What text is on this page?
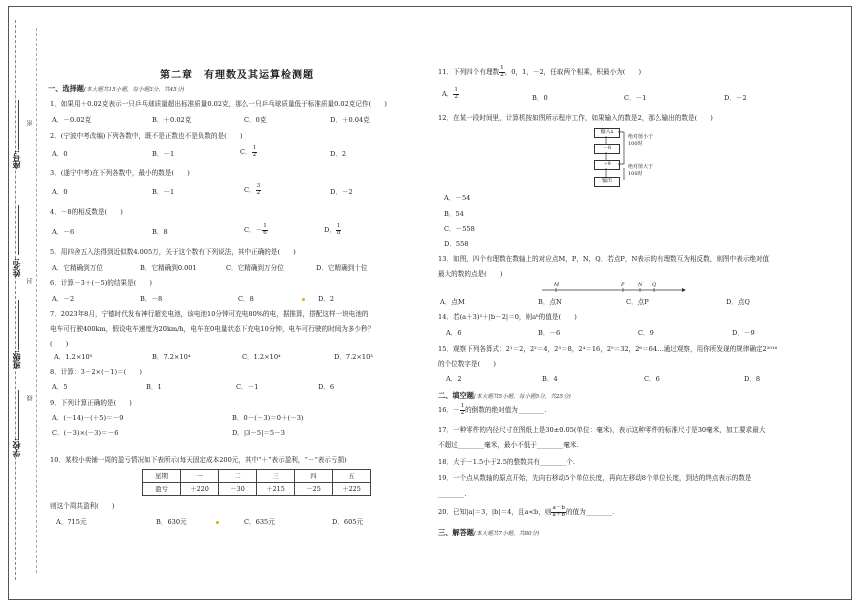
座号:
姓名:
班级:
学校:
密
封
线
第二章　有理数及其运算检测题
一、选择题(本大题共15小题，每小题3分，共45分)
1．如果用＋0.02克表示一只乒乓球质量超出标准质量0.02克，那么一只乒乓球质量低于标准质量0.02克记作(　　)
A．－0.02克	B．＋0.02克	C．0克	D．＋0.04克
2．(宁波中考改编)下列各数中，既不是正数也不是负数的是(　　)
A．0	B．－1	C． $\frac{1}{2}$	D．2
3．(遂宁中考)在下列各数中，最小的数是(　　)
A．0	B．－1	C． $\frac{3}{2}$	D．－2
4．－8的相反数是(　　)
A．－6	B．8	C．－ $\frac{1}{6}$	D． $\frac{1}{8}$
5．用四舍五入法得到近似数4.005万，关于这个数有下列说法，其中正确的是(　　)
A．它精确到万位	B．它精确到0.001	C．它精确到万分位	D．它精确到十位
6．计算－3＋(－5)的结果是(　　)
A．－2	B．－8	C．8	D．2
7．2023年8月，宁德时代发布神行超充电池，该电池10分钟可充电80%的电，据推算，搭配这样一块电池的
电车可行驶400km，假设电车速度为20km/h，电车在0电量状态下充电10分钟，电车可行驶的时间为多少秒？
(　　)
A．1.2×10⁵	B．7.2×10⁴	C．1.2×10⁴	D．7.2×10³
8．计算：3－2×(－1)＝(　　)
A．5	B．1	C．－1	D．6
9．下列计算正确的是(　　)
A．(－14)－(＋5)＝－9	B．0－(－3)＝0＋(－3)
C．(－3)×(－3)＝－6	D．|3－5|＝5－3
10．某校小卖铺一周的盈亏情况如下表所示(每天固定成本200元，其中“＋”表示盈利，“－”表示亏损)
星期	一	二	三	四	五
盈亏	＋220	－30	＋215	－25	＋225
则这个周共盈利(　　)
A．715元	B．630元	C．635元	D．605元
11．下列四个有理数 $\frac{1}{2}$ ，0，1，－2，任取两个相乘，积最小为(　　)
A． $\frac{1}{2}$	B．0	C．－1	D．－2
12．在某一段时间里，计算机按如图所示程序工作，如果输入的数是2，那么输出的数是(　　)
输入x
－8
÷9
输出
绝对值小于100时
绝对值大于100时
A．－54
B．54
C．－558
D．558
13．如图，四个有理数在数轴上的对应点M，P，N，Q．若点P，N表示的有理数互为相反数，则图中表示绝对值
最大的数的点是(　　)
M	P	N Q
A．点M	B．点N	C．点P	D．点Q
14．若(a＋3)²＋|b－2|＝0，则aᵇ的值是(　　)
A．6	B．－6	C．9	D．－9
15．观察下列各算式：2¹＝2，2²＝4，2³＝8，2⁴＝16，2⁵＝32，2⁶＝64…通过观察，用你所发现的规律确定2²⁰¹⁶
的个位数字是(　　)
A．2	B．4	C．6	D．8
二、填空题(本大题共5小题，每小题5分，共25分)
16．－ $\frac{1}{2}$ 的倒数的绝对值为________.
17．一种零件的内径尺寸在图纸上是30±0.05(单位：毫米)，表示这种零件的标准尺寸是30毫米，加工要求最大
不超过________毫米，最小不低于________毫米.
18．大于－1.5小于2.5的整数共有________个.
19．一个点从数轴的原点开始，先向右移动5个单位长度，再向左移动8个单位长度，到达的终点表示的数是
________.
20．已知|a|＝3，|b|＝4，且a<b，则 $\frac{a-b}{a+b}$ 的值为________.
三、解答题(本大题共7小题，共80分)
